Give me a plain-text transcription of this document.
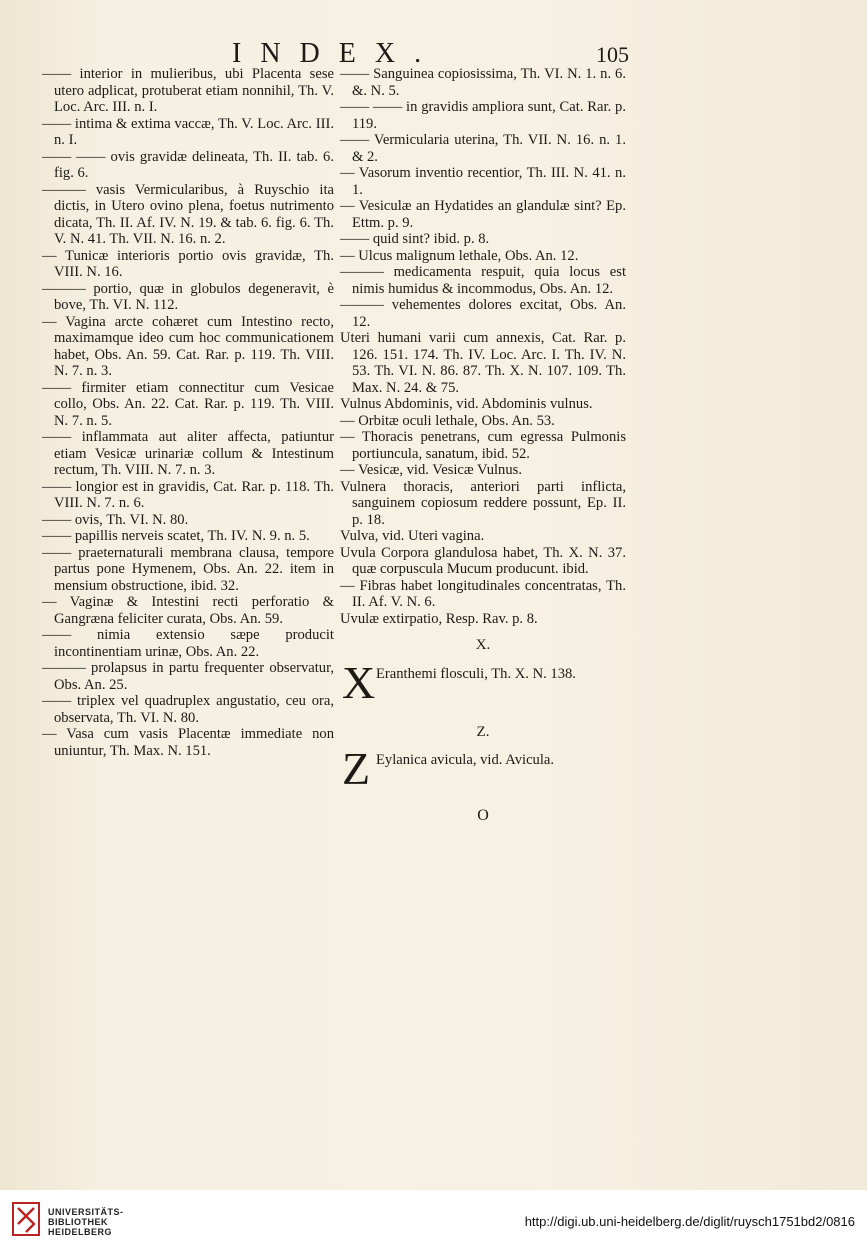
INDEX.	105

—— interior in mulieribus, ubi Placenta sese utero adplicat, protuberat etiam nonnihil, Th. V. Loc. Arc. III. n. I.

—— intima & extima vaccæ, Th. V. Loc. Arc. III. n. I.

—— —— ovis gravidæ delineata, Th. II. tab. 6. fig. 6.

——— vasis Vermicularibus, à Ruyschio ita dictis, in Utero ovino plena, foetus nutrimento dicata, Th. II. Af. IV. N. 19. & tab. 6. fig. 6. Th. V. N. 41. Th. VII. N. 16. n. 2.

— Tunicæ interioris portio ovis gravidæ, Th. VIII. N. 16.

——— portio, quæ in globulos degeneravit, è bove, Th. VI. N. 112.

— Vagina arcte cohæret cum Intestino recto, maximamque ideo cum hoc communicationem habet, Obs. An. 59. Cat. Rar. p. 119. Th. VIII. N. 7. n. 3.

—— firmiter etiam connectitur cum Vesicae collo, Obs. An. 22. Cat. Rar. p. 119. Th. VIII. N. 7. n. 5.

—— inflammata aut aliter affecta, patiuntur etiam Vesicæ urinariæ collum & Intestinum rectum, Th. VIII. N. 7. n. 3.

—— longior est in gravidis, Cat. Rar. p. 118. Th. VIII. N. 7. n. 6.

—— ovis, Th. VI. N. 80.

—— papillis nerveis scatet, Th. IV. N. 9. n. 5.

—— praeternaturali membrana clausa, tempore partus pone Hymenem, Obs. An. 22. item in mensium obstructione, ibid. 32.

— Vaginæ & Intestini recti perforatio & Gangræna feliciter curata, Obs. An. 59.

—— nimia extensio sæpe producit incontinentiam urinæ, Obs. An. 22.

——— prolapsus in partu frequenter observatur, Obs. An. 25.

—— triplex vel quadruplex angustatio, ceu ora, observata, Th. VI. N. 80.

— Vasa cum vasis Placentæ immediate non uniuntur, Th. Max. N. 151.

—— Sanguinea copiosissima, Th. VI. N. 1. n. 6. &. N. 5.

—— —— in gravidis ampliora sunt, Cat. Rar. p. 119.

—— Vermicularia uterina, Th. VII. N. 16. n. 1. & 2.

— Vasorum inventio recentior, Th. III. N. 41. n. 1.

— Vesiculæ an Hydatides an glandulæ sint? Ep. Ettm. p. 9.

—— quid sint? ibid. p. 8.

— Ulcus malignum lethale, Obs. An. 12.

——— medicamenta respuit, quia locus est nimis humidus & incommodus, Obs. An. 12.

——— vehementes dolores excitat, Obs. An. 12.

Uteri humani varii cum annexis, Cat. Rar. p. 126. 151. 174. Th. IV. Loc. Arc. I. Th. IV. N. 53. Th. VI. N. 86. 87. Th. X. N. 107. 109. Th. Max. N. 24. & 75.

Vulnus Abdominis, vid. Abdominis vulnus.

— Orbitæ oculi lethale, Obs. An. 53.

— Thoracis penetrans, cum egressa Pulmonis portiuncula, sanatum, ibid. 52.

— Vesicæ, vid. Vesicæ Vulnus.

Vulnera thoracis, anteriori parti inflicta, sanguinem copiosum reddere possunt, Ep. II. p. 18.

Vulva, vid. Uteri vagina.

Uvula Corpora glandulosa habet, Th. X. N. 37. quæ corpuscula Mucum producunt. ibid.

— Fibras habet longitudinales concentratas, Th. II. Af. V. N. 6.

Uvulæ extirpatio, Resp. Rav. p. 8.

X.
X Eranthemi flosculi, Th. X. N. 138.
Z.
Z Eylanica avicula, vid. Avicula.
O
UNIVERSITÄTS-
BIBLIOTHEK
HEIDELBERG
http://digi.ub.uni-heidelberg.de/diglit/ruysch1751bd2/0816
